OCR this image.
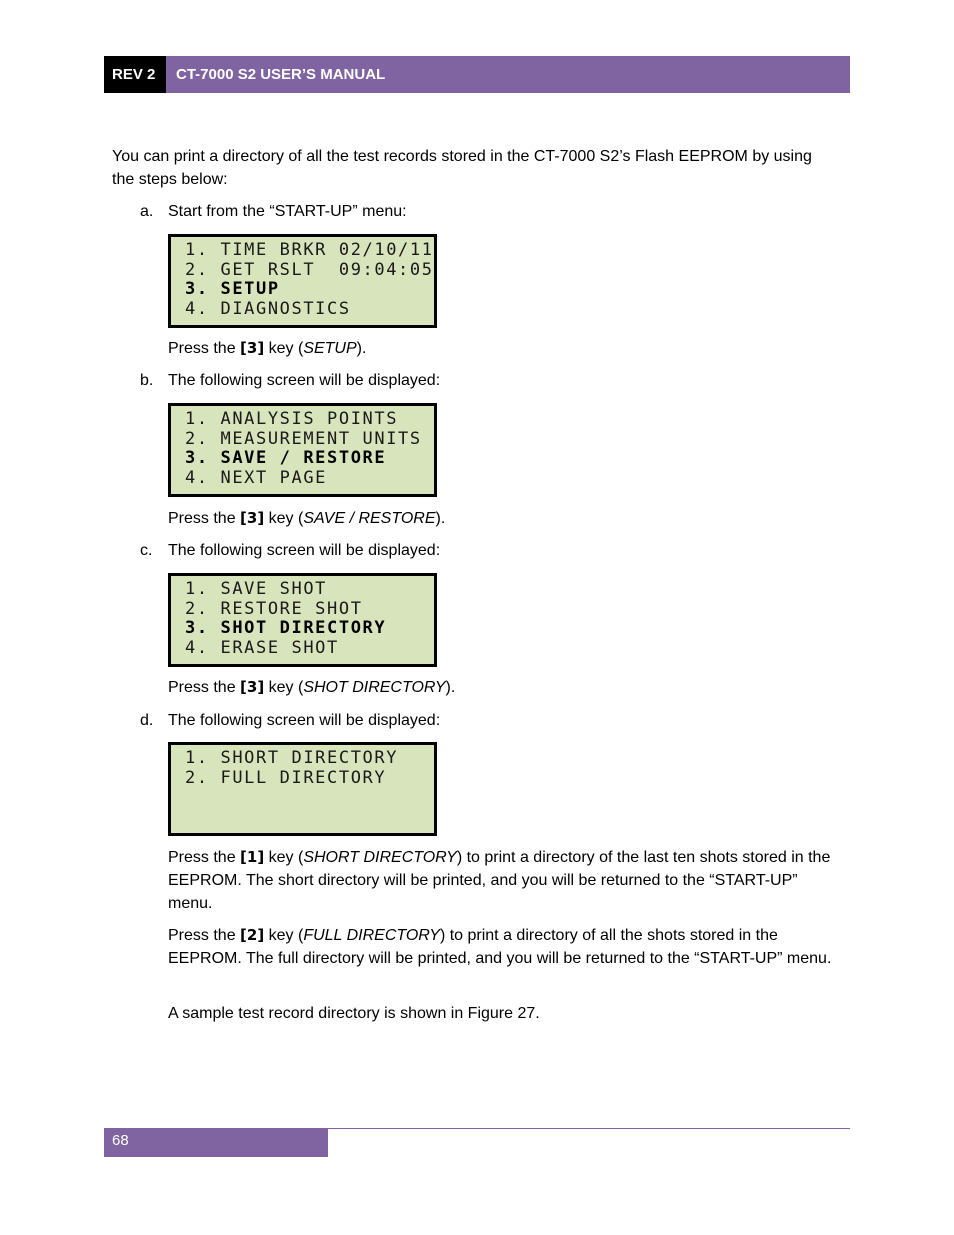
REV 2	CT-7000 S2 USER’S MANUAL
You can print a directory of all the test records stored in the CT-7000 S2’s Flash EEPROM by using the steps below:
a. Start from the “START-UP” menu:
1. TIME BRKR 02/10/11
2. GET RSLT  09:04:05
3. SETUP
4. DIAGNOSTICS
Press the [3] key (SETUP).
b. The following screen will be displayed:
1. ANALYSIS POINTS
2. MEASUREMENT UNITS
3. SAVE / RESTORE
4. NEXT PAGE
Press the [3] key (SAVE / RESTORE).
c. The following screen will be displayed:
1. SAVE SHOT
2. RESTORE SHOT
3. SHOT DIRECTORY
4. ERASE SHOT
Press the [3] key (SHOT DIRECTORY).
d. The following screen will be displayed:
1. SHORT DIRECTORY
2. FULL DIRECTORY
Press the [1] key (SHORT DIRECTORY) to print a directory of the last ten shots stored in the EEPROM. The short directory will be printed, and you will be returned to the “START-UP” menu.
Press the [2] key (FULL DIRECTORY) to print a directory of all the shots stored in the EEPROM. The full directory will be printed, and you will be returned to the “START-UP” menu.
A sample test record directory is shown in Figure 27.
68
